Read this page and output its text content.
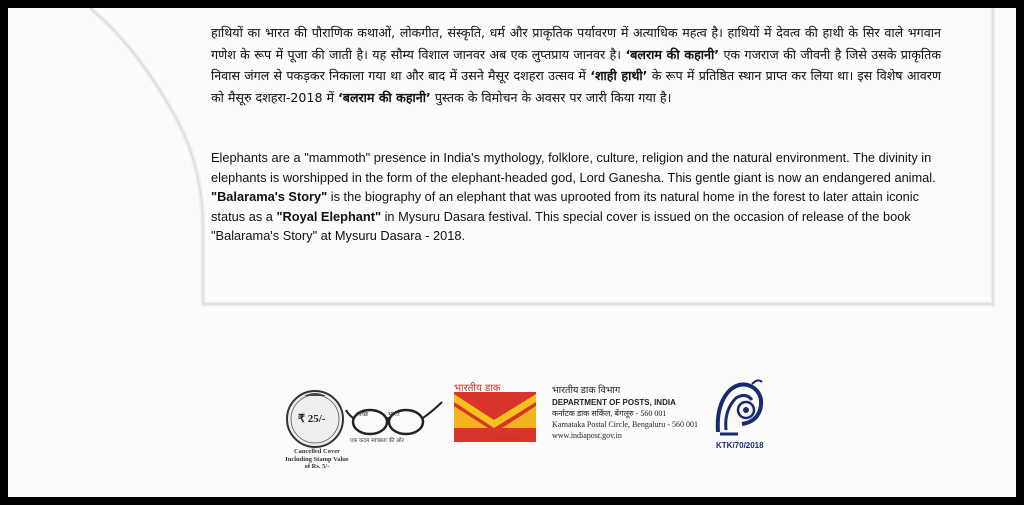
हाथियों का भारत की पौराणिक कथाओं, लोकगीत, संस्कृति, धर्म और प्राकृतिक पर्यावरण में अत्याधिक महत्व है। हाथियों में देवत्व की हाथी के सिर वाले भगवान गणेश के रूप में पूजा की जाती है। यह सौम्य विशाल जानवर अब एक लुप्तप्राय जानवर है। ‘बलराम की कहानी’ एक गजराज की जीवनी है जिसे उसके प्राकृतिक निवास जंगल से पकड़कर निकाला गया था और बाद में उसने मैसूर दशहरा उत्सव में ‘शाही हाथी’ के रूप में प्रतिष्ठित स्थान प्राप्त कर लिया था। इस विशेष आवरण को मैसूरु दशहरा-2018 में ‘बलराम की कहानी’ पुस्तक के विमोचन के अवसर पर जारी किया गया है।

Elephants are a "mammoth" presence in India's mythology, folklore, culture, religion and the natural environment. The divinity in elephants is worshipped in the form of the elephant-headed god, Lord Ganesha. This gentle giant is now an endangered animal. "Balarama's Story" is the biography of an elephant that was uprooted from its natural home in the forest to later attain iconic status as a "Royal Elephant" in Mysuru Dasara festival. This special cover is issued on the occasion of release of the book "Balarama's Story" at Mysuru Dasara - 2018.

₹ 25/-
Cancelled Cover
Including Stamp Value
of Rs. 5/-
स्वच्छ	भारत
एक कदम स्वच्छता की ओर
भारतीय डाक
India Post
भारतीय डाक विभाग
DEPARTMENT OF POSTS, INDIA
कर्नाटक डाक सर्किल, बेंगलूरु - 560 001
Karnataka Postal Circle, Bengaluru - 560 001
www.indiapost.gov.in
KTK/70/2018
